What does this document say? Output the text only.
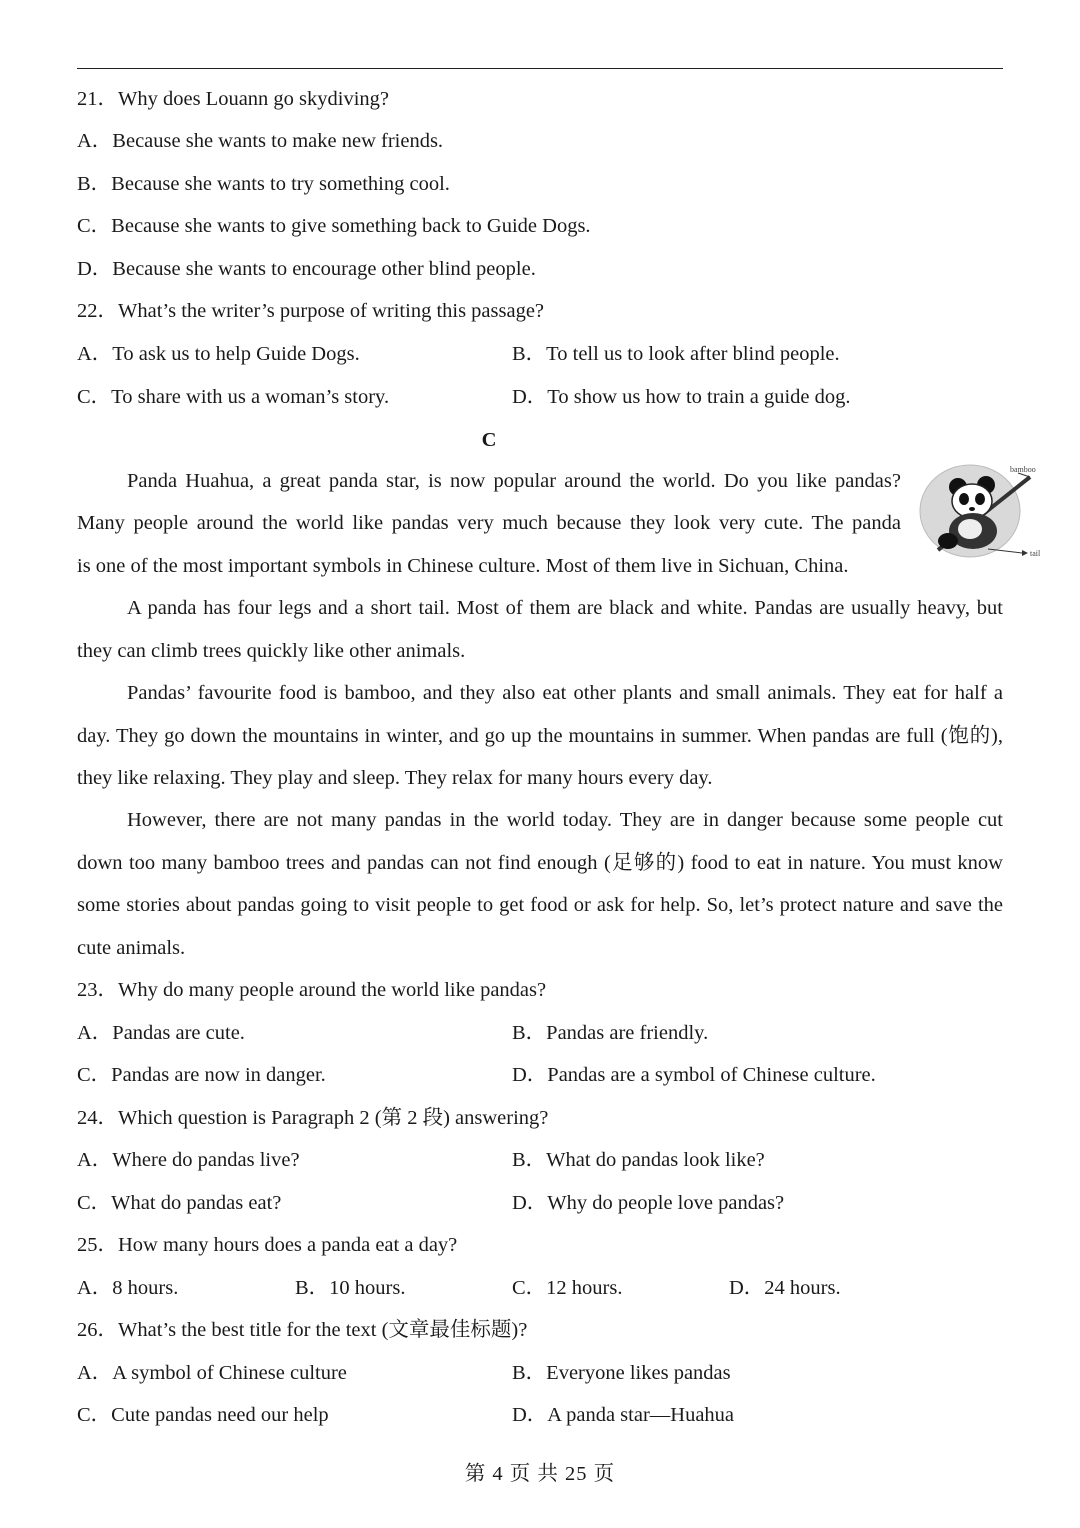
21．Why does Louann go skydiving?
A．Because she wants to make new friends.
B．Because she wants to try something cool.
C．Because she wants to give something back to Guide Dogs.
D．Because she wants to encourage other blind people.
22．What’s the writer’s purpose of writing this passage?
A．To ask us to help Guide Dogs.	B．To tell us to look after blind people.
C．To share with us a woman’s story.	D．To show us how to train a guide dog.
C
Panda Huahua, a great panda star, is now popular around the world. Do you like pandas?
Many people around the world like pandas very much because they look very cute. The panda
is one of the most important symbols in Chinese culture. Most of them live in Sichuan, China.
bamboo
tail
A panda has four legs and a short tail. Most of them are black and white. Pandas are usually heavy, but they can climb trees quickly like other animals.
Pandas’ favourite food is bamboo, and they also eat other plants and small animals. They eat for half a day. They go down the mountains in winter, and go up the mountains in summer. When pandas are full (饱的), they like relaxing. They play and sleep. They relax for many hours every day.
However, there are not many pandas in the world today. They are in danger because some people cut down too many bamboo trees and pandas can not find enough (足够的) food to eat in nature. You must know some stories about pandas going to visit people to get food or ask for help. So, let’s protect nature and save the cute animals.
23．Why do many people around the world like pandas?
A．Pandas are cute.	B．Pandas are friendly.
C．Pandas are now in danger.	D．Pandas are a symbol of Chinese culture.
24．Which question is Paragraph 2 (第 2 段) answering?
A．Where do pandas live?	B．What do pandas look like?
C．What do pandas eat?	D．Why do people love pandas?
25．How many hours does a panda eat a day?
A．8 hours.	B．10 hours.	C．12 hours.	D．24 hours.
26．What’s the best title for the text (文章最佳标题)?
A．A symbol of Chinese culture	B．Everyone likes pandas
C．Cute pandas need our help	D．A panda star—Huahua
第 4 页 共 25 页
